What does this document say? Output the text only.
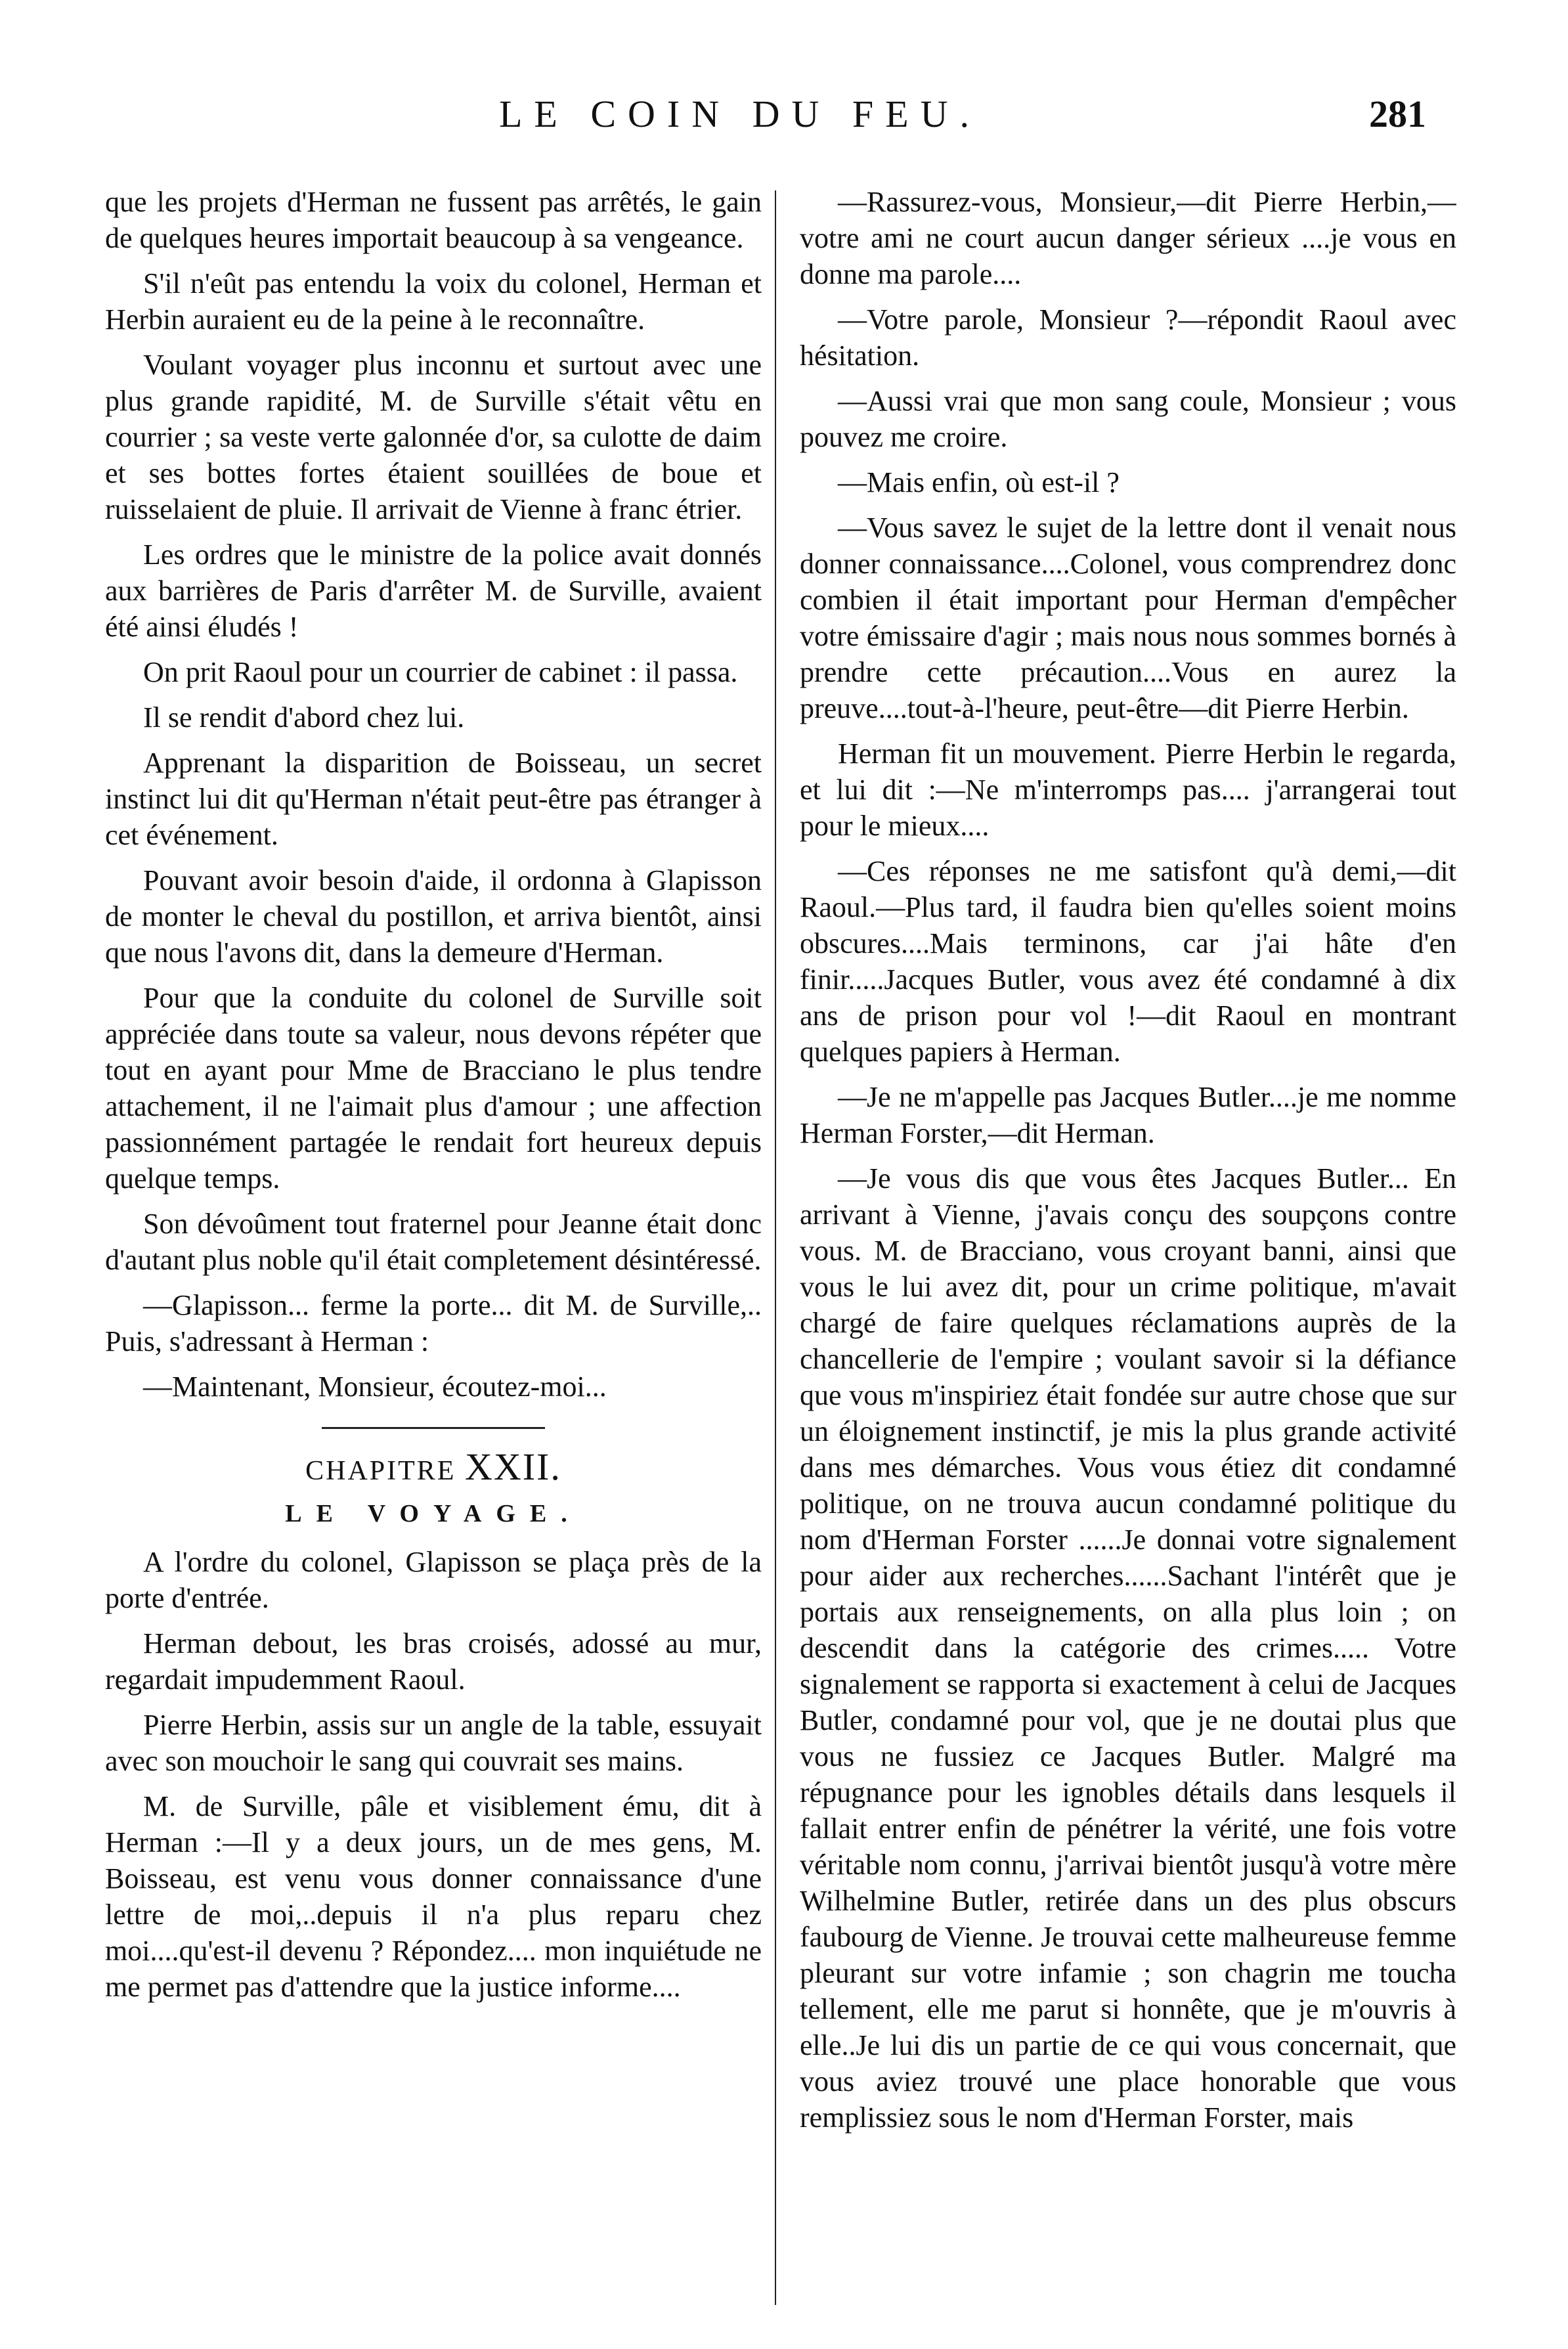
LE COIN DU FEU.	281

que les projets d'Herman ne fussent pas arrêtés, le gain de quelques heures importait beaucoup à sa vengeance.

S'il n'eût pas entendu la voix du colonel, Herman et Herbin auraient eu de la peine à le reconnaître.

Voulant voyager plus inconnu et surtout avec une plus grande rapidité, M. de Surville s'était vêtu en courrier ; sa veste verte galonnée d'or, sa culotte de daim et ses bottes fortes étaient souillées de boue et ruisselaient de pluie. Il arrivait de Vienne à franc étrier.

Les ordres que le ministre de la police avait donnés aux barrières de Paris d'arrêter M. de Surville, avaient été ainsi éludés !

On prit Raoul pour un courrier de cabinet : il passa.

Il se rendit d'abord chez lui.

Apprenant la disparition de Boisseau, un secret instinct lui dit qu'Herman n'était peut-être pas étranger à cet événement.

Pouvant avoir besoin d'aide, il ordonna à Glapisson de monter le cheval du postillon, et arriva bientôt, ainsi que nous l'avons dit, dans la demeure d'Herman.

Pour que la conduite du colonel de Surville soit appréciée dans toute sa valeur, nous devons répéter que tout en ayant pour Mme de Bracciano le plus tendre attachement, il ne l'aimait plus d'amour ; une affection passionnément partagée le rendait fort heureux depuis quelque temps.

Son dévoûment tout fraternel pour Jeanne était donc d'autant plus noble qu'il était completement désintéressé.

—Glapisson... ferme la porte... dit M. de Surville,.. Puis, s'adressant à Herman :

—Maintenant, Monsieur, écoutez-moi...

CHAPITRE XXII.
LE VOYAGE.

A l'ordre du colonel, Glapisson se plaça près de la porte d'entrée.

Herman debout, les bras croisés, adossé au mur, regardait impudemment Raoul.

Pierre Herbin, assis sur un angle de la table, essuyait avec son mouchoir le sang qui couvrait ses mains.

M. de Surville, pâle et visiblement ému, dit à Herman :—Il y a deux jours, un de mes gens, M. Boisseau, est venu vous donner connaissance d'une lettre de moi,..depuis il n'a plus reparu chez moi....qu'est-il devenu ? Répondez.... mon inquiétude ne me permet pas d'attendre que la justice informe....

—Rassurez-vous, Monsieur,—dit Pierre Herbin,—votre ami ne court aucun danger sérieux ....je vous en donne ma parole....

—Votre parole, Monsieur ?—répondit Raoul avec hésitation.

—Aussi vrai que mon sang coule, Monsieur ; vous pouvez me croire.

—Mais enfin, où est-il ?

—Vous savez le sujet de la lettre dont il venait nous donner connaissance....Colonel, vous comprendrez donc combien il était important pour Herman d'empêcher votre émissaire d'agir ; mais nous nous sommes bornés à prendre cette précaution....Vous en aurez la preuve....tout-à-l'heure, peut-être—dit Pierre Herbin.

Herman fit un mouvement. Pierre Herbin le regarda, et lui dit :—Ne m'interromps pas.... j'arrangerai tout pour le mieux....

—Ces réponses ne me satisfont qu'à demi,—dit Raoul.—Plus tard, il faudra bien qu'elles soient moins obscures....Mais terminons, car j'ai hâte d'en finir.....Jacques Butler, vous avez été condamné à dix ans de prison pour vol !—dit Raoul en montrant quelques papiers à Herman.

—Je ne m'appelle pas Jacques Butler....je me nomme Herman Forster,—dit Herman.

—Je vous dis que vous êtes Jacques Butler... En arrivant à Vienne, j'avais conçu des soupçons contre vous. M. de Bracciano, vous croyant banni, ainsi que vous le lui avez dit, pour un crime politique, m'avait chargé de faire quelques réclamations auprès de la chancellerie de l'empire ; voulant savoir si la défiance que vous m'inspiriez était fondée sur autre chose que sur un éloignement instinctif, je mis la plus grande activité dans mes démarches. Vous vous étiez dit condamné politique, on ne trouva aucun condamné politique du nom d'Herman Forster ......Je donnai votre signalement pour aider aux recherches......Sachant l'intérêt que je portais aux renseignements, on alla plus loin ; on descendit dans la catégorie des crimes..... Votre signalement se rapporta si exactement à celui de Jacques Butler, condamné pour vol, que je ne doutai plus que vous ne fussiez ce Jacques Butler. Malgré ma répugnance pour les ignobles détails dans lesquels il fallait entrer enfin de pénétrer la vérité, une fois votre véritable nom connu, j'arrivai bientôt jusqu'à votre mère Wilhelmine Butler, retirée dans un des plus obscurs faubourg de Vienne. Je trouvai cette malheureuse femme pleurant sur votre infamie ; son chagrin me toucha tellement, elle me parut si honnête, que je m'ouvris à elle..Je lui dis un partie de ce qui vous concernait, que vous aviez trouvé une place honorable que vous remplissiez sous le nom d'Herman Forster, mais
